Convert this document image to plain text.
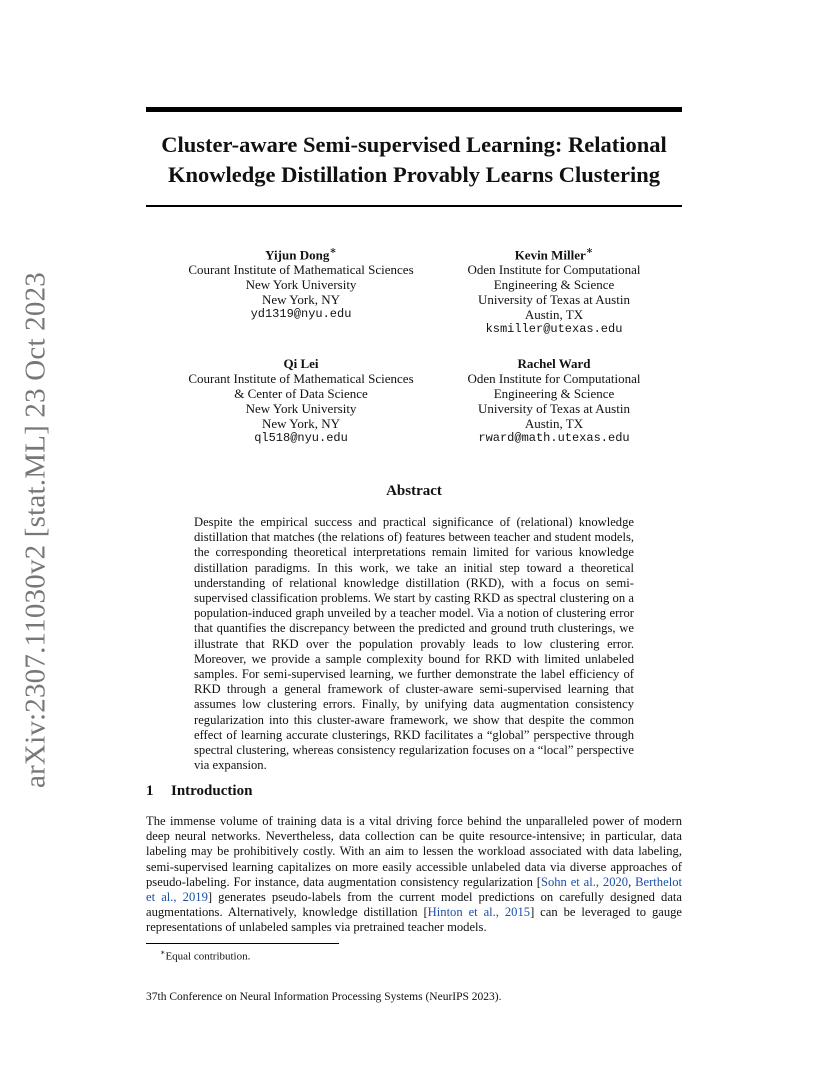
arXiv:2307.11030v2 [stat.ML] 23 Oct 2023
Cluster-aware Semi-supervised Learning: Relational
Knowledge Distillation Provably Learns Clustering
Yijun Dong∗
Courant Institute of Mathematical Sciences
New York University
New York, NY
yd1319@nyu.edu
Kevin Miller∗
Oden Institute for Computational
Engineering & Science
University of Texas at Austin
Austin, TX
ksmiller@utexas.edu
Qi Lei
Courant Institute of Mathematical Sciences
& Center of Data Science
New York University
New York, NY
ql518@nyu.edu
Rachel Ward
Oden Institute for Computational
Engineering & Science
University of Texas at Austin
Austin, TX
rward@math.utexas.edu
Abstract
Despite the empirical success and practical significance of (relational) knowledge distillation that matches (the relations of) features between teacher and student models, the corresponding theoretical interpretations remain limited for various knowledge distillation paradigms. In this work, we take an initial step toward a theoretical understanding of relational knowledge distillation (RKD), with a focus on semi-supervised classification problems. We start by casting RKD as spectral clustering on a population-induced graph unveiled by a teacher model. Via a notion of clustering error that quantifies the discrepancy between the predicted and ground truth clusterings, we illustrate that RKD over the population provably leads to low clustering error. Moreover, we provide a sample complexity bound for RKD with limited unlabeled samples. For semi-supervised learning, we further demonstrate the label efficiency of RKD through a general framework of cluster-aware semi-supervised learning that assumes low clustering errors. Finally, by unifying data augmentation consistency regularization into this cluster-aware framework, we show that despite the common effect of learning accurate clusterings, RKD facilitates a “global” perspective through spectral clustering, whereas consistency regularization focuses on a “local” perspective via expansion.
1 Introduction
The immense volume of training data is a vital driving force behind the unparalleled power of modern deep neural networks. Nevertheless, data collection can be quite resource-intensive; in particular, data labeling may be prohibitively costly. With an aim to lessen the workload associated with data labeling, semi-supervised learning capitalizes on more easily accessible unlabeled data via diverse approaches of pseudo-labeling. For instance, data augmentation consistency regularization [Sohn et al., 2020, Berthelot et al., 2019] generates pseudo-labels from the current model predictions on carefully designed data augmentations. Alternatively, knowledge distillation [Hinton et al., 2015] can be leveraged to gauge representations of unlabeled samples via pretrained teacher models.
∗Equal contribution.
37th Conference on Neural Information Processing Systems (NeurIPS 2023).
